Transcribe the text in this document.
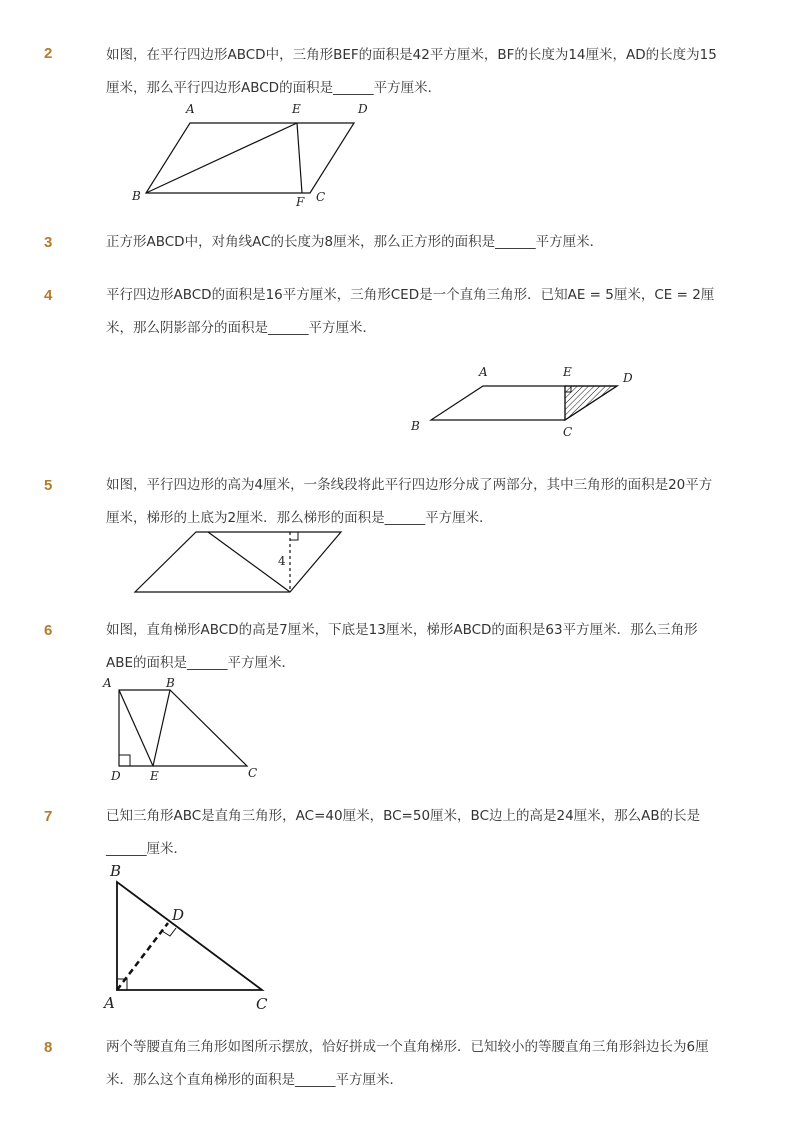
2	如图，在平行四边形ABCD中，三角形BEF的面积是42平方厘米，BF的长度为14厘米，AD的长度为15厘米，那么平行四边形ABCD的面积是______平方厘米．
A	E	D
B	F C
3	正方形ABCD中，对角线AC的长度为8厘米，那么正方形的面积是______平方厘米．
4	平行四边形ABCD的面积是16平方厘米，三角形CED是一个直角三角形．已知AE = 5厘米，CE = 2厘米，那么阴影部分的面积是______平方厘米．
A	E	D
B	C
5	如图，平行四边形的高为4厘米，一条线段将此平行四边形分成了两部分，其中三角形的面积是20平方厘米，梯形的上底为2厘米．那么梯形的面积是______平方厘米．
4
6	如图，直角梯形ABCD的高是7厘米，下底是13厘米，梯形ABCD的面积是63平方厘米．那么三角形ABE的面积是______平方厘米．
A	B
D E	C
7	已知三角形ABC是直角三角形，AC=40厘米，BC=50厘米，BC边上的高是24厘米，那么AB的长是______厘米．
B
D
A	C
8	两个等腰直角三角形如图所示摆放，恰好拼成一个直角梯形．已知较小的等腰直角三角形斜边长为6厘米．那么这个直角梯形的面积是______平方厘米．
